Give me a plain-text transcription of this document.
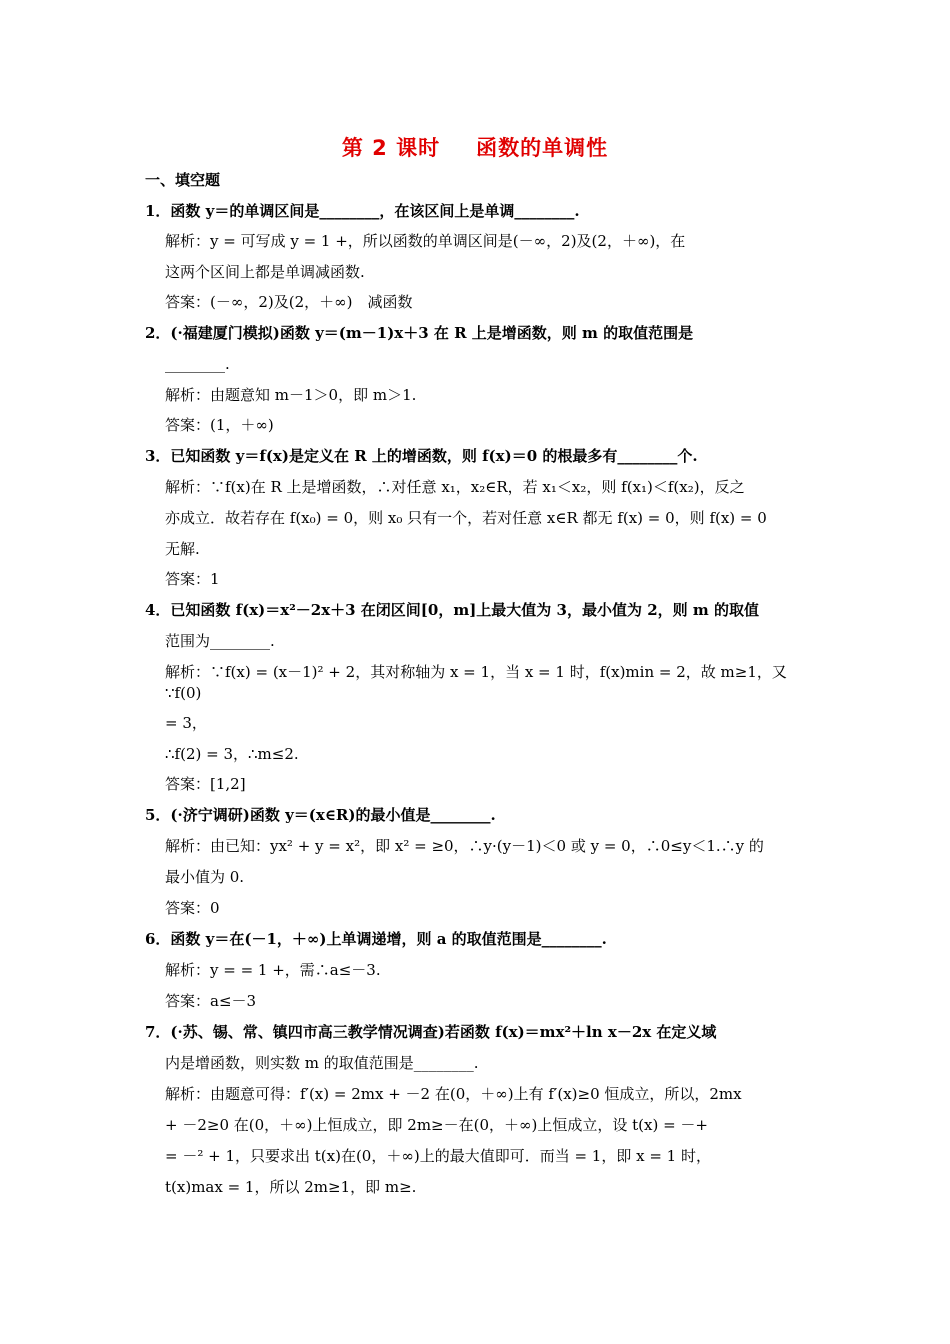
第 2 课时 函数的单调性
一、填空题
1．函数 y＝的单调区间是________，在该区间上是单调________.
解析：y = 可写成 y = 1 +，所以函数的单调区间是(－∞，2)及(2，＋∞)，在
这两个区间上都是单调减函数.
答案：(－∞，2)及(2，＋∞)　减函数
2．(·福建厦门模拟)函数 y＝(m－1)x＋3 在 R 上是增函数，则 m 的取值范围是
________.
解析：由题意知 m－1＞0，即 m＞1.
答案：(1，＋∞)
3．已知函数 y＝f(x)是定义在 R 上的增函数，则 f(x)＝0 的根最多有________个.
解析：∵f(x)在 R 上是增函数，∴对任意 x₁，x₂∈R，若 x₁＜x₂，则 f(x₁)＜f(x₂)，反之
亦成立．故若存在 f(x₀) = 0，则 x₀ 只有一个，若对任意 x∈R 都无 f(x) = 0，则 f(x) = 0
无解.
答案：1
4．已知函数 f(x)＝x²－2x＋3 在闭区间[0，m]上最大值为 3，最小值为 2，则 m 的取值
范围为________.
解析：∵f(x) = (x－1)² + 2，其对称轴为 x = 1，当 x = 1 时，f(x)min = 2，故 m≥1，又
∵f(0)
= 3，
∴f(2) = 3，∴m≤2.
答案：[1,2]
5．(·济宁调研)函数 y＝(x∈R)的最小值是________.
解析：由已知：yx² + y = x²，即 x² = ≥0，∴y·(y－1)＜0 或 y = 0，∴0≤y＜1.∴y 的
最小值为 0.
答案：0
6．函数 y＝在(－1，＋∞)上单调递增，则 a 的取值范围是________.
解析：y = = 1 +，需∴a≤－3.
答案：a≤－3
7．(·苏、锡、常、镇四市高三教学情况调查)若函数 f(x)＝mx²＋ln x－2x 在定义域
内是增函数，则实数 m 的取值范围是________.
解析：由题意可得：f′(x) = 2mx + －2 在(0，＋∞)上有 f′(x)≥0 恒成立，所以，2mx
+ －2≥0 在(0，＋∞)上恒成立，即 2m≥－在(0，＋∞)上恒成立，设 t(x) = －+
= －² + 1，只要求出 t(x)在(0，＋∞)上的最大值即可．而当 = 1，即 x = 1 时，
t(x)max = 1，所以 2m≥1，即 m≥.
